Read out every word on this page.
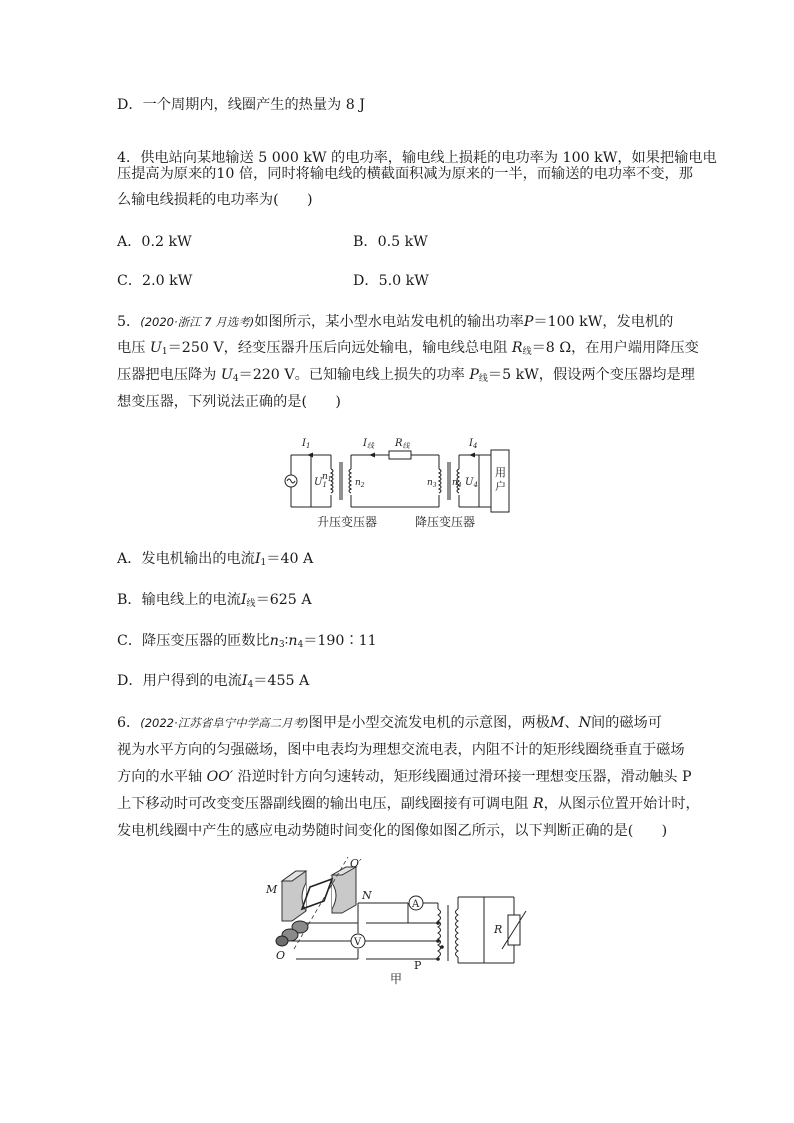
D．一个周期内，线圈产生的热量为 8 J
4．供电站向某地输送 5 000 kW 的电功率，输电线上损耗的电功率为 100 kW，如果把输电电
压提高为原来的10 倍，同时将输电线的横截面积减为原来的一半，而输送的电功率不变，那
么输电线损耗的电功率为(　　)
A．0.2 kW	B．0.5 kW
C．2.0 kW	D．5.0 kW
5．(2020·浙江 7 月选考)如图所示，某小型水电站发电机的输出功率P＝100 kW，发电机的
电压 $U_1=250$ V，经变压器升压后向远处输电，输电线总电阻 $R_线=8$ Ω，在用户端用降压变
压器把电压降为 $U_4=220$ V。已知输电线上损失的功率 $P_线=5$ kW，假设两个变压器均是理
想变压器，下列说法正确的是(　　)
$I_1$	$I_线$ $R_线$	$I_4$
$U_1$
$n_1$	$n_2$	$n_3$ $n_4$ $U_4$
用
户
升压变压器	降压变压器
A．发电机输出的电流$I_1=40$ A
B．输电线上的电流$I_线=625$ A
C．降压变压器的匝数比$n_3∶n_4=190∶11$
D．用户得到的电流$I_4=455$ A
6．(2022·江苏省阜宁中学高二月考)图甲是小型交流发电机的示意图，两极M、N间的磁场可
视为水平方向的匀强磁场，图中电表均为理想交流电表，内阻不计的矩形线圈绕垂直于磁场
方向的水平轴 OO′ 沿逆时针方向匀速转动，矩形线圈通过滑环接一理想变压器，滑动触头 P
上下移动时可改变变压器副线圈的输出电压，副线圈接有可调电阻 R，从图示位置开始计时，
发电机线圈中产生的感应电动势随时间变化的图像如图乙所示，以下判断正确的是(　　)
A
V
O′
M	N
O
R
P
甲
